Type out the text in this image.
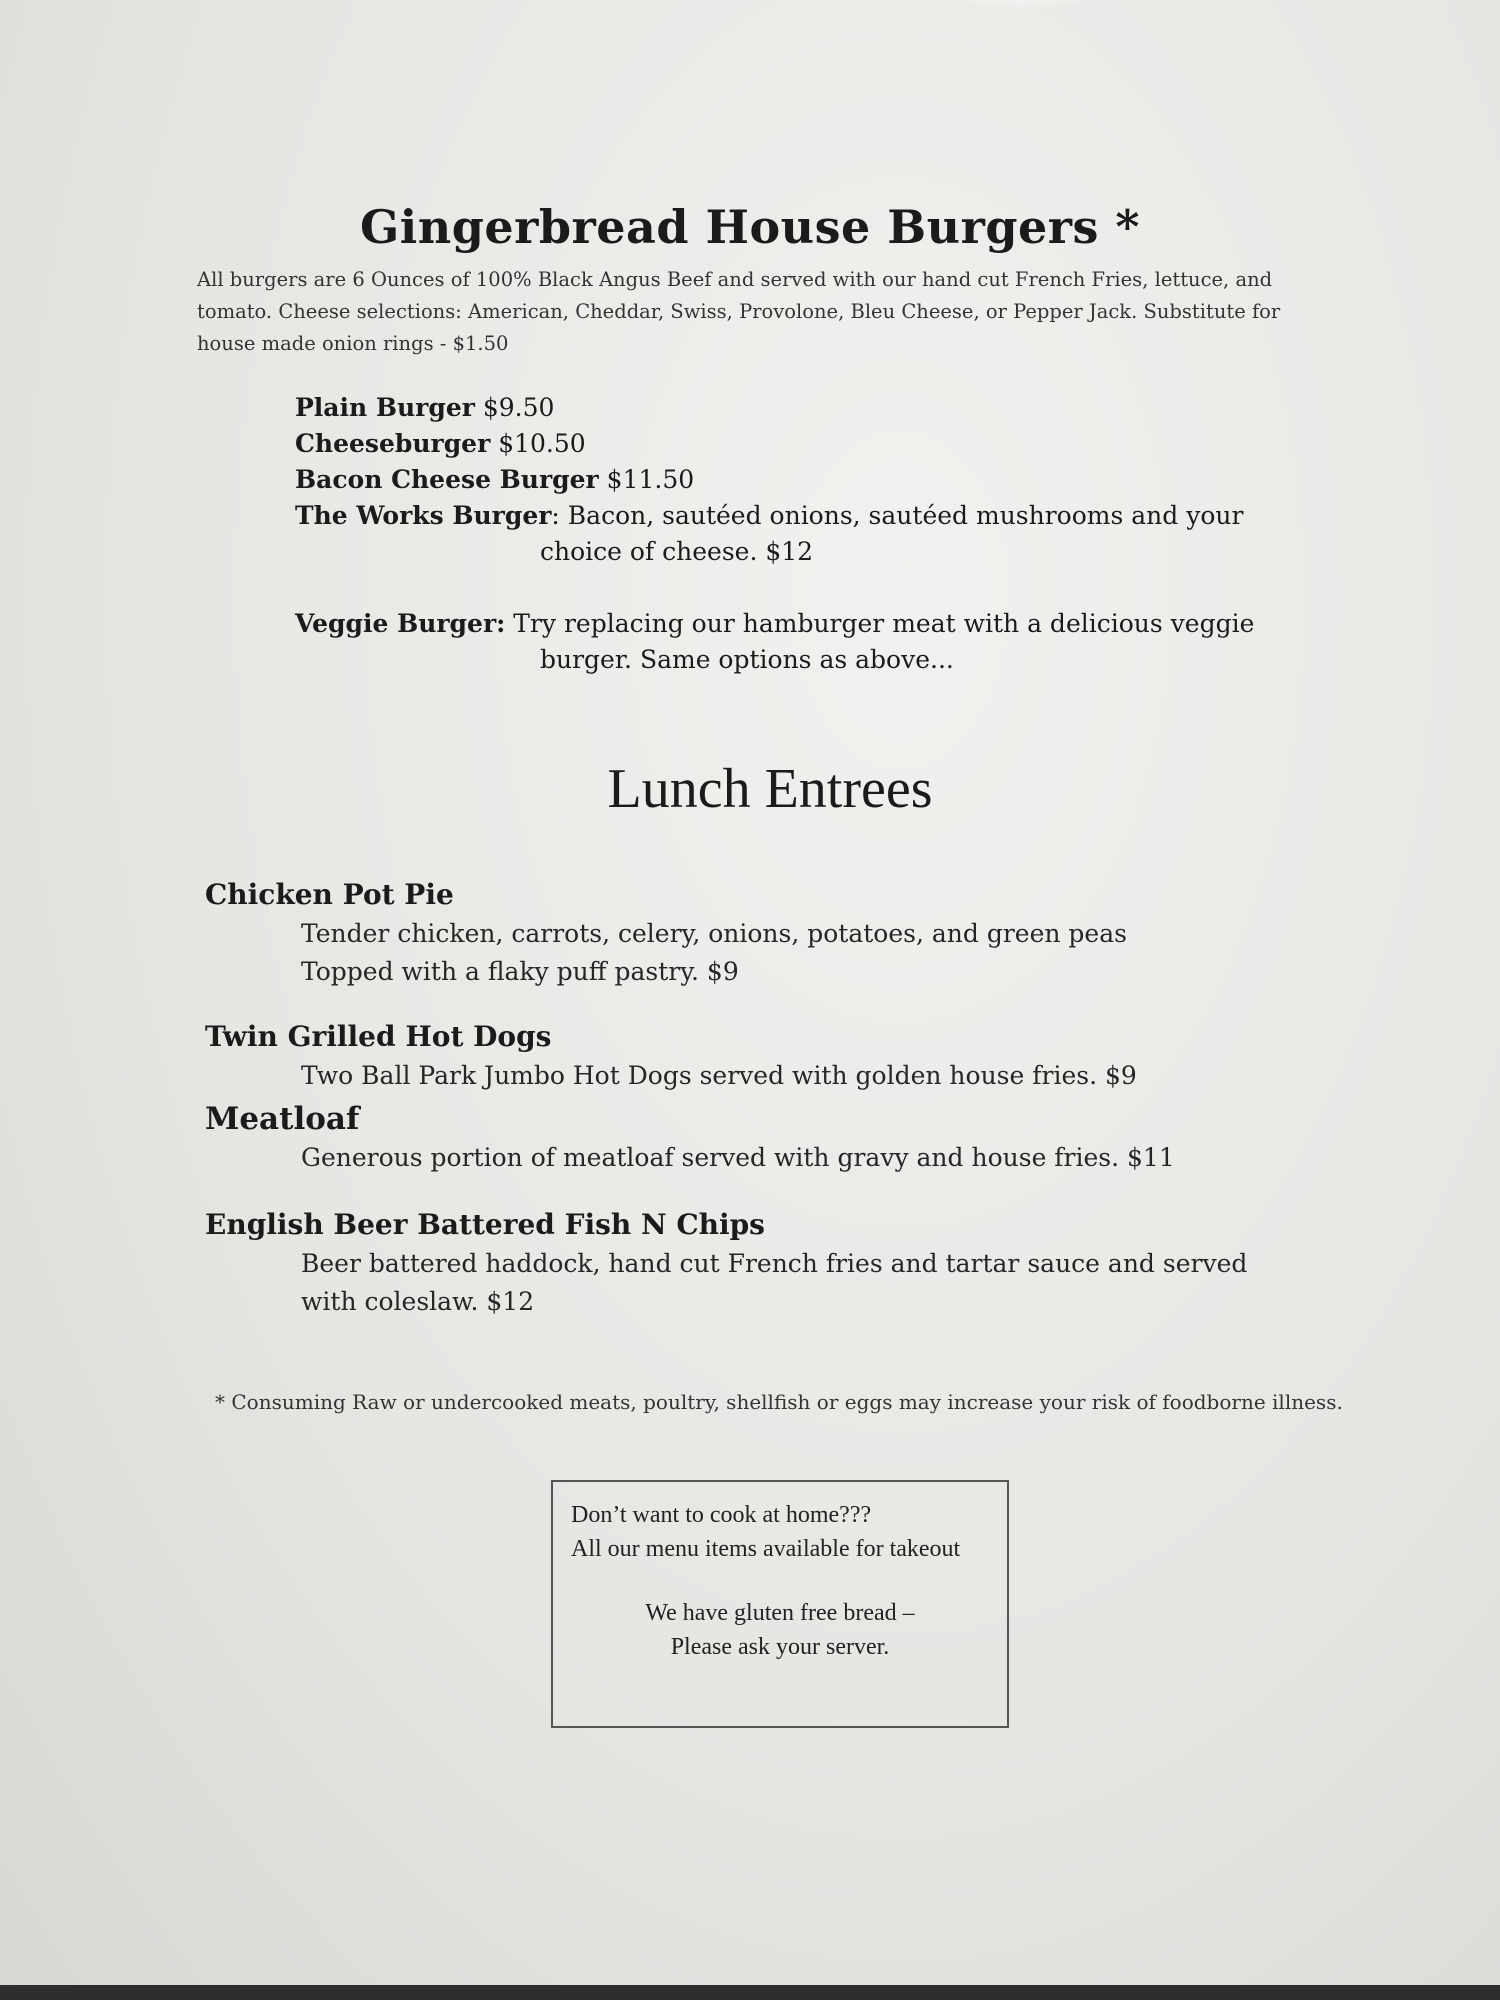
Gingerbread House Burgers *
All burgers are 6 Ounces of 100% Black Angus Beef and served with our hand cut French Fries, lettuce, and tomato. Cheese selections: American, Cheddar, Swiss, Provolone, Bleu Cheese, or Pepper Jack. Substitute for house made onion rings - $1.50
Plain Burger $9.50
Cheeseburger $10.50
Bacon Cheese Burger $11.50
The Works Burger: Bacon, sautéed onions, sautéed mushrooms and your
choice of cheese. $12
Veggie Burger: Try replacing our hamburger meat with a delicious veggie
burger. Same options as above...
Lunch Entrees
Chicken Pot Pie
Tender chicken, carrots, celery, onions, potatoes, and green peas
Topped with a flaky puff pastry. $9
Twin Grilled Hot Dogs
Two Ball Park Jumbo Hot Dogs served with golden house fries. $9
Meatloaf
Generous portion of meatloaf served with gravy and house fries. $11
English Beer Battered Fish N Chips
Beer battered haddock, hand cut French fries and tartar sauce and served
with coleslaw. $12
* Consuming Raw or undercooked meats, poultry, shellfish or eggs may increase your risk of foodborne illness.
Don’t want to cook at home???
All our menu items available for takeout
We have gluten free bread –
Please ask your server.
